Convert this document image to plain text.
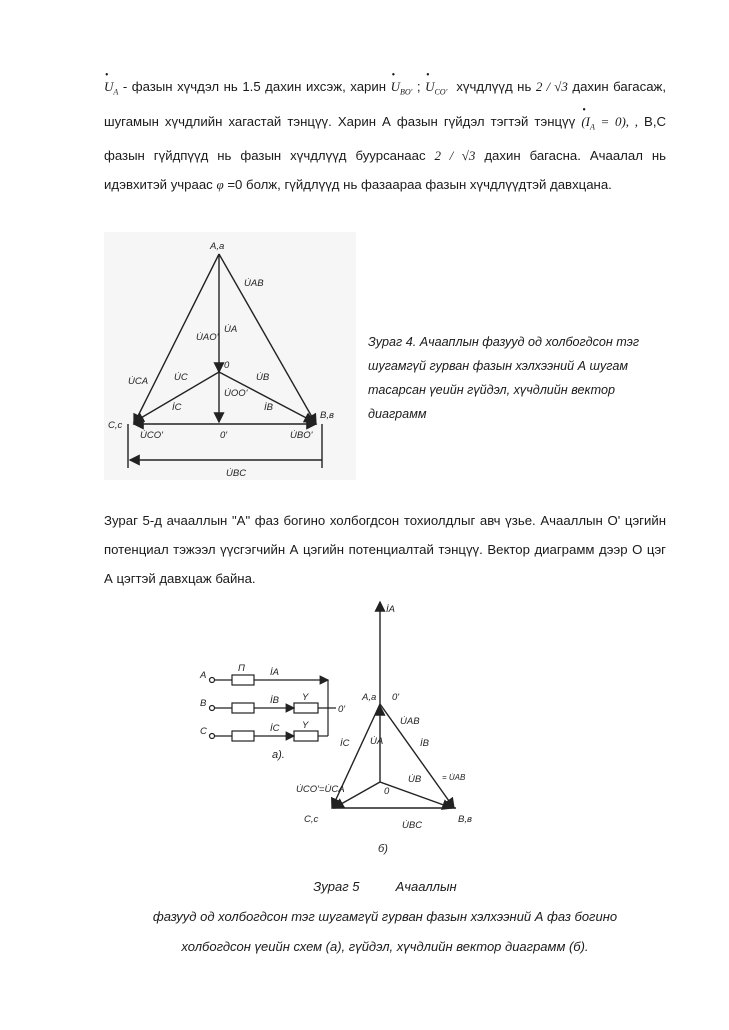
• $U_A$ - фазын хүчдэл нь 1.5 дахин ихсэж, харин • $U_{BO'}$ ; • $U_{CO'}$ хүчдлүүд нь 2 / √3 дахин багасаж, шугамын хүчдлийн хагастай тэнцүү. Харин А фазын гүйдэл тэгтэй тэнцүү • $(I_A = 0)$, , В,С фазын гүйдпүүд нь фазын хүчдлүүд буурсанаас 2 / √3 дахин багасна. Ачаалал нь идэвхитэй учраас φ =0 болж, гүйдлүүд нь фазаараа фазын хүчдлүүдтэй давхцана.
A,a
C,c
B,в
0
0'
U̇AB
U̇AO'
U̇A
U̇CA	U̇C	U̇B
U̇OO'
İC	İB
U̇CO'	U̇BO'
U̇BC
Зураг 4. Ачааплын фазууд од холбогдсон тэг шугамгүй гурван фазын хэлхээний А шугам тасарсан үеийн гүйдэл, хүчдлийн вектор диаграмм
Зураг 5-д ачааллын "А" фаз богино холбогдсон тохиолдлыг авч үзье. Ачааллын О' цэгийн потенциал тэжээл үүсгэгчийн А цэгийн потенциалтай тэнцүү. Вектор диаграмм дээр О цэг А цэгтэй давхцаж байна.
A
B
C
П	İA
İB
İC
Y
Y
0'
a).
İA
A,a 0'
U̇AB
İC U̇A	İB
U̇B	= U̇AB
U̇CO'=U̇CA	0
C,c	B,в
U̇BC
б)
Зураг 5          Ачааллын
фазууд од холбогдсон тэг шугамгүй гурван фазын хэлхээний А фаз богино
холбогдсон үеийн схем (а), гүйдэл, хүчдлийн вектор диаграмм (б).
